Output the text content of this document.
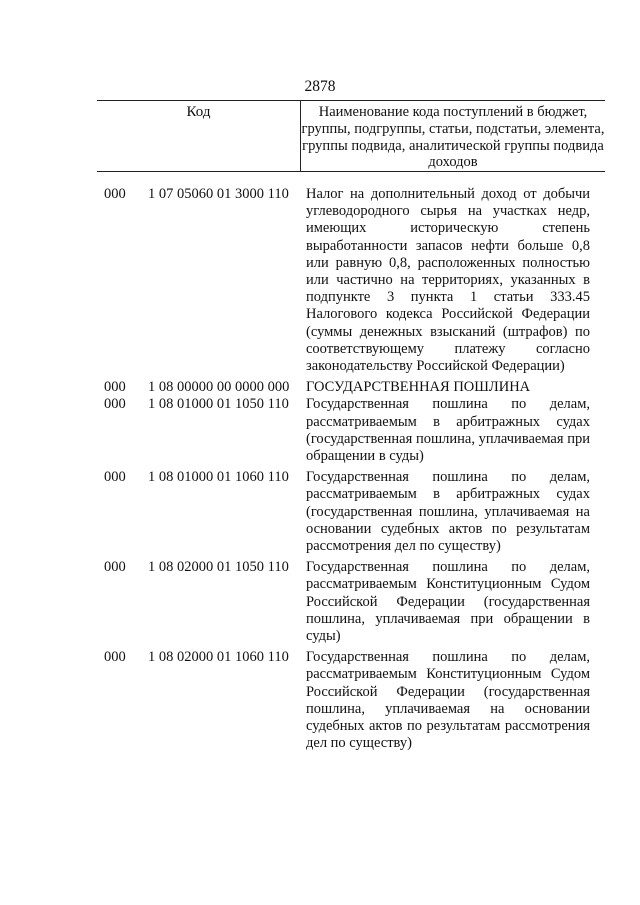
2878
Код	Наименование кода поступлений в бюджет, группы, подгруппы, статьи, подстатьи, элемента, группы подвида, аналитической группы подвида доходов
000 1 07 05060 01 3000 110 Налог на дополнительный доход от добычи углеводородного сырья на участках недр, имеющих историческую степень выработанности запасов нефти больше 0,8 или равную 0,8, расположенных полностью или частично на территориях, указанных в подпункте 3 пункта 1 статьи 333.45 Налогового кодекса Российской Федерации (суммы денежных взысканий (штрафов) по соответствующему платежу согласно законодательству Российской Федерации)
000 1 08 00000 00 0000 000 ГОСУДАРСТВЕННАЯ ПОШЛИНА
000 1 08 01000 01 1050 110 Государственная пошлина по делам, рассматриваемым в арбитражных судах (государственная пошлина, уплачиваемая при обращении в суды)
000 1 08 01000 01 1060 110 Государственная пошлина по делам, рассматриваемым в арбитражных судах (государственная пошлина, уплачиваемая на основании судебных актов по результатам рассмотрения дел по существу)
000 1 08 02000 01 1050 110 Государственная пошлина по делам, рассматриваемым Конституционным Судом Российской Федерации (государственная пошлина, уплачиваемая при обращении в суды)
000 1 08 02000 01 1060 110 Государственная пошлина по делам, рассматриваемым Конституционным Судом Российской Федерации (государственная пошлина, уплачиваемая на основании судебных актов по результатам рассмотрения дел по существу)
